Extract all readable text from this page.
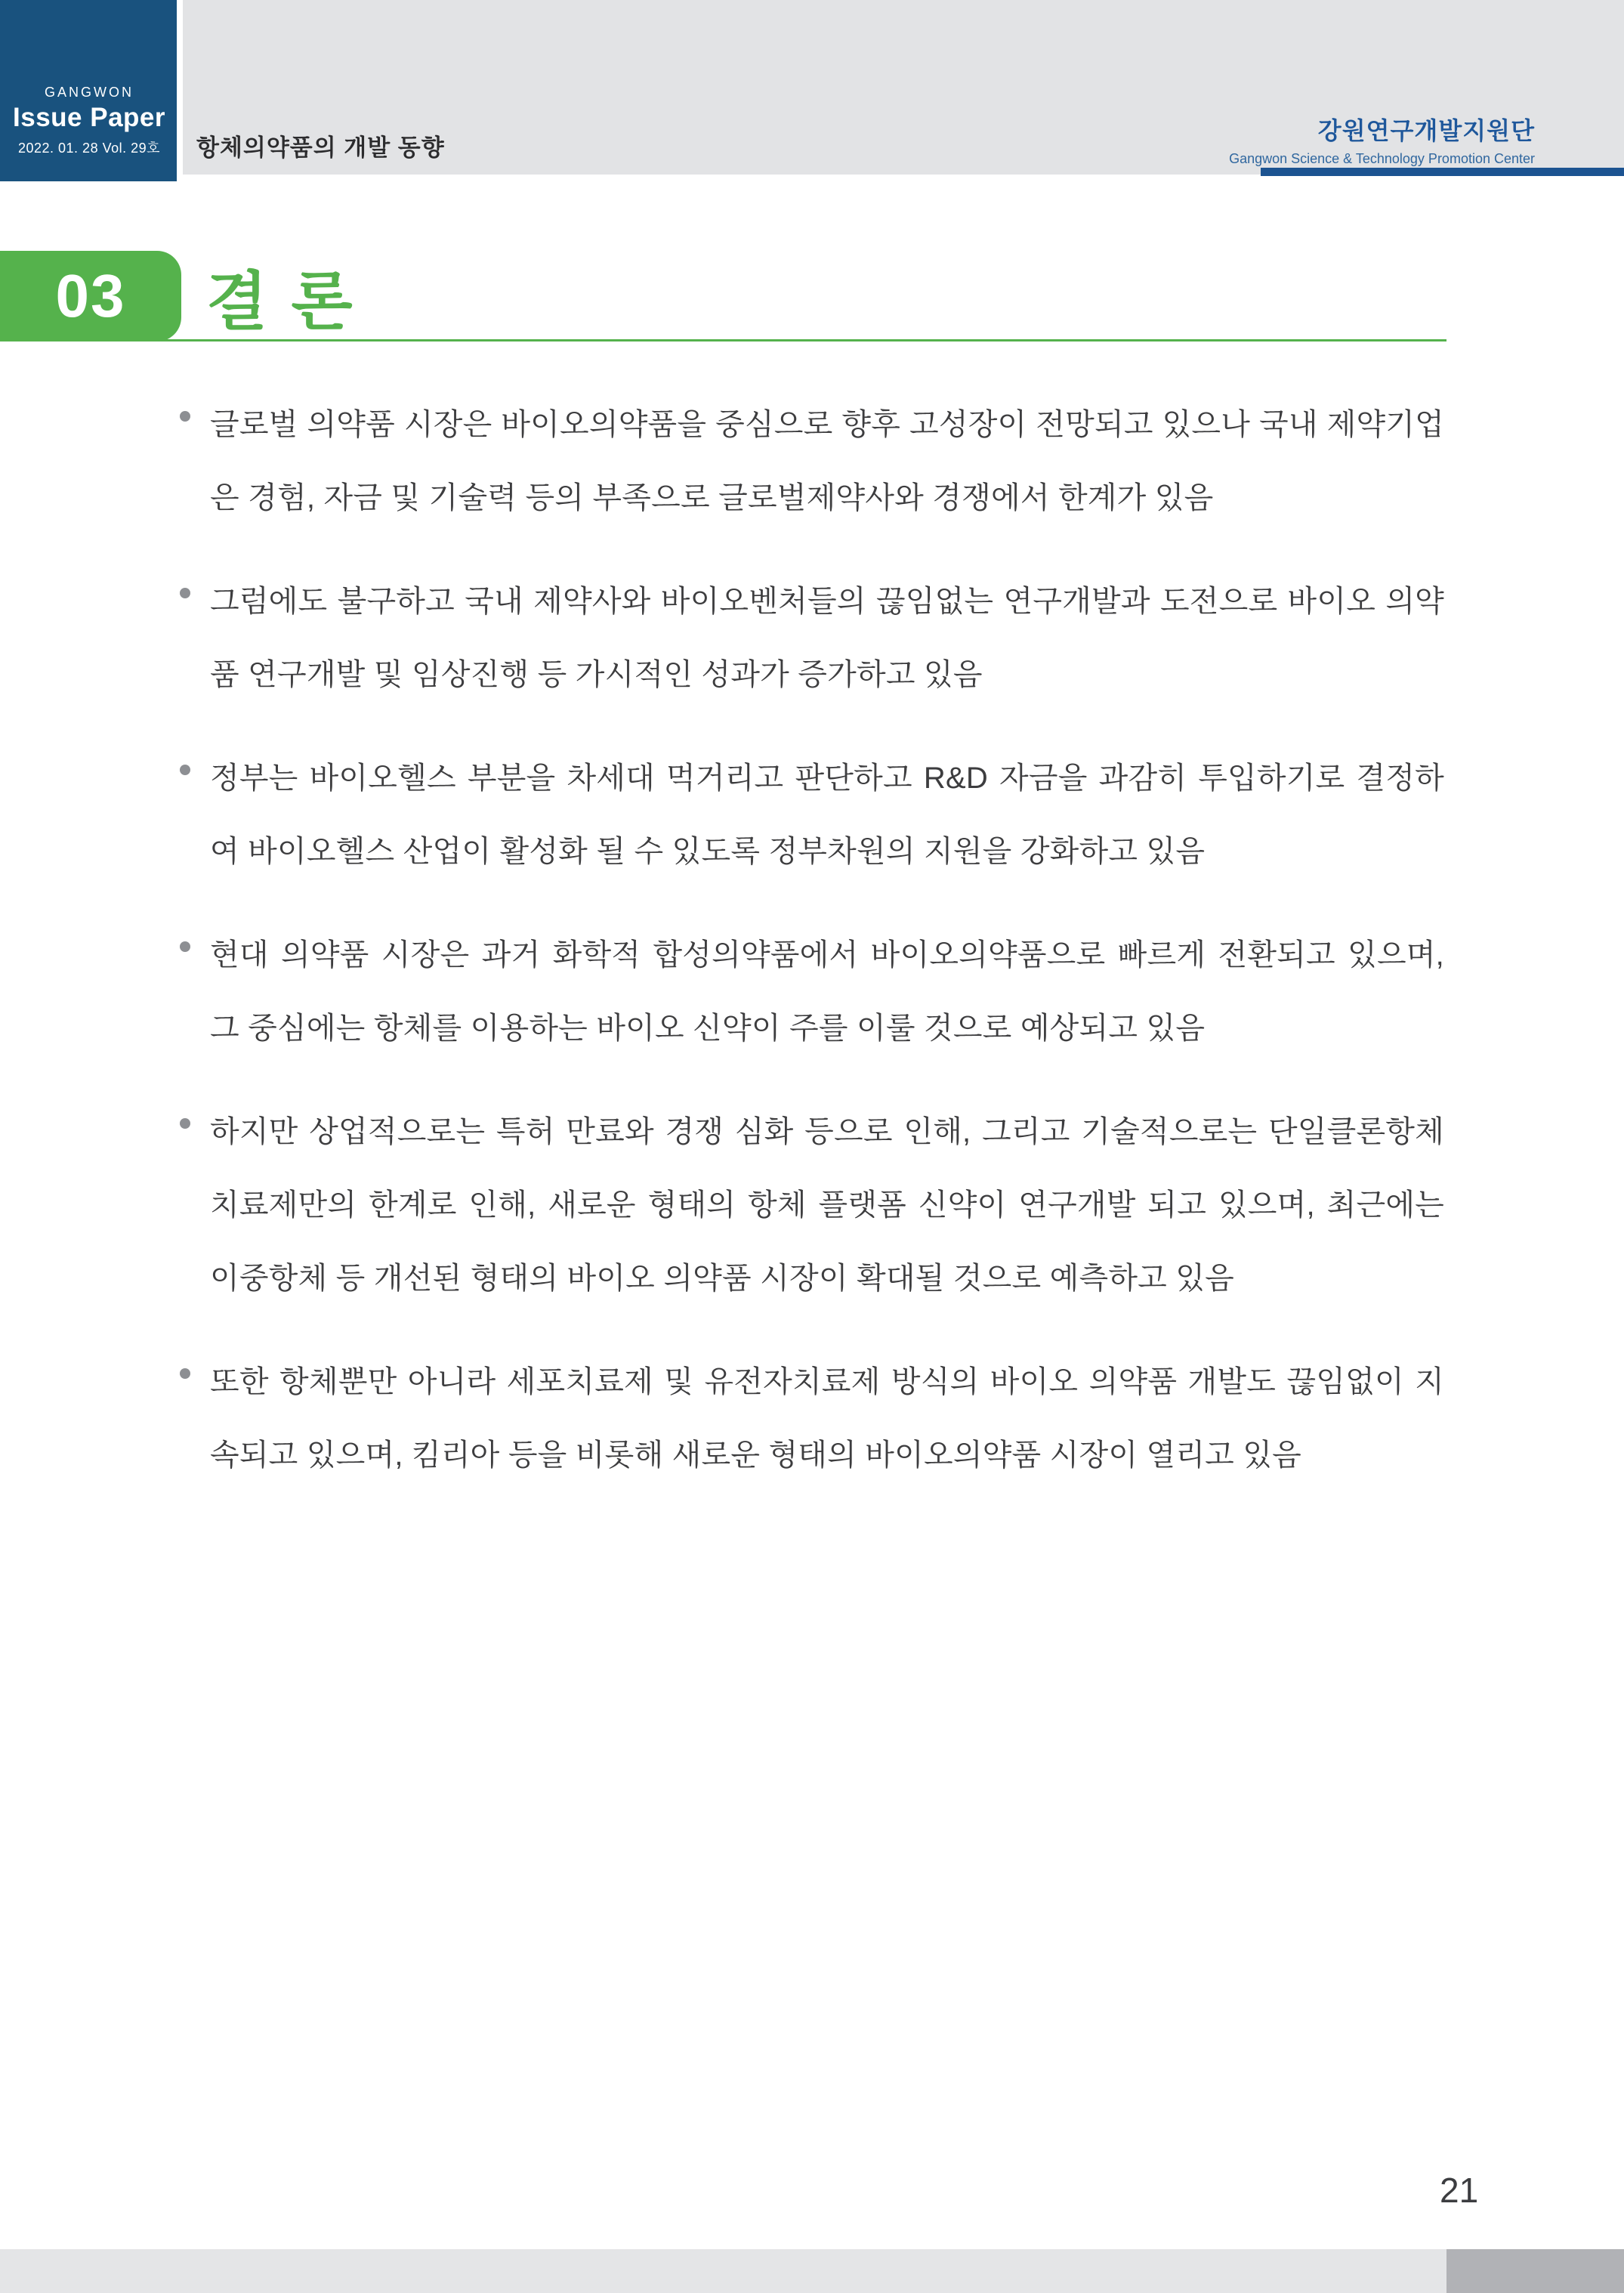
GANGWON
Issue Paper
2022. 01. 28 Vol. 29호	항체의약품의 개발 동향
강원연구개발지원단
Gangwon Science & Technology Promotion Center
03 결 론

글로벌 의약품 시장은 바이오의약품을 중심으로 향후 고성장이 전망되고 있으나 국내 제약기업은 경험, 자금 및 기술력 등의 부족으로 글로벌제약사와 경쟁에서 한계가 있음

그럼에도 불구하고 국내 제약사와 바이오벤처들의 끊임없는 연구개발과 도전으로 바이오 의약품 연구개발 및 임상진행 등 가시적인 성과가 증가하고 있음

정부는 바이오헬스 부분을 차세대 먹거리고 판단하고 R&D 자금을 과감히 투입하기로 결정하여 바이오헬스 산업이 활성화 될 수 있도록 정부차원의 지원을 강화하고 있음

현대 의약품 시장은 과거 화학적 합성의약품에서 바이오의약품으로 빠르게 전환되고 있으며, 그 중심에는 항체를 이용하는 바이오 신약이 주를 이룰 것으로 예상되고 있음

하지만 상업적으로는 특허 만료와 경쟁 심화 등으로 인해, 그리고 기술적으로는 단일클론항체 치료제만의 한계로 인해, 새로운 형태의 항체 플랫폼 신약이 연구개발 되고 있으며, 최근에는 이중항체 등 개선된 형태의 바이오 의약품 시장이 확대될 것으로 예측하고 있음

또한 항체뿐만 아니라 세포치료제 및 유전자치료제 방식의 바이오 의약품 개발도 끊임없이 지속되고 있으며, 킴리아 등을 비롯해 새로운 형태의 바이오의약품 시장이 열리고 있음

21
